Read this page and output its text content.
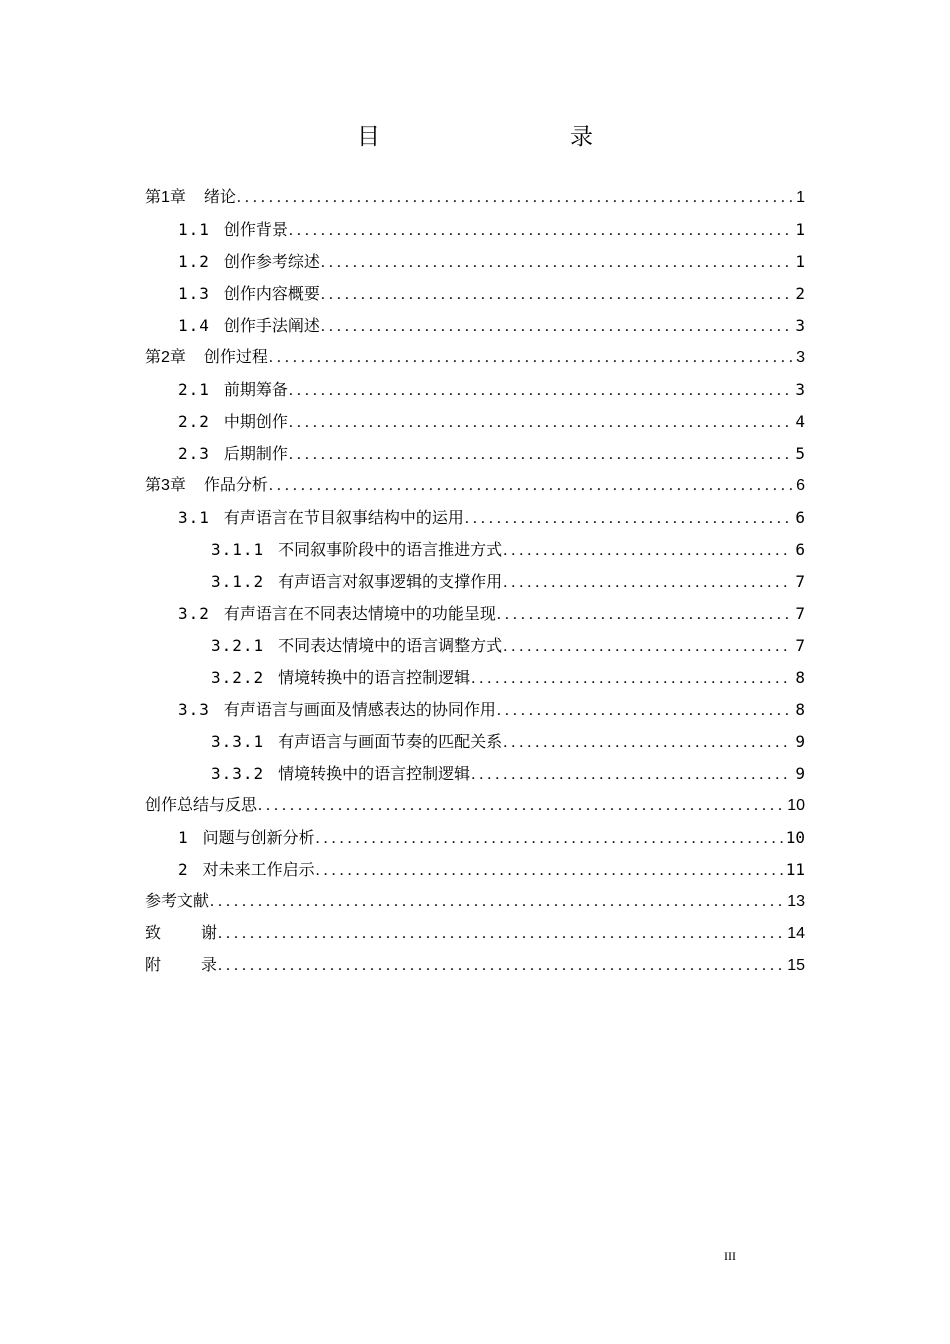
目　　录
第1章 绪论 . . .	1
1.1 创作背景 . . .	1
1.2 创作参考综述 . . .	1
1.3 创作内容概要 . . .	2
1.4 创作手法阐述 . . .	3
第2章 创作过程 . . .	3
2.1 前期筹备 . . .	3
2.2 中期创作 . . .	4
2.3 后期制作 . . .	5
第3章 作品分析 . . .	6
3.1 有声语言在节目叙事结构中的运用 . . .	6
3.1.1 不同叙事阶段中的语言推进方式 . . .	6
3.1.2 有声语言对叙事逻辑的支撑作用 . . .	7
3.2 有声语言在不同表达情境中的功能呈现 . . .	7
3.2.1 不同表达情境中的语言调整方式 . . .	7
3.2.2 情境转换中的语言控制逻辑 . . .	8
3.3 有声语言与画面及情感表达的协同作用 . . .	8
3.3.1 有声语言与画面节奏的匹配关系 . . .	9
3.3.2 情境转换中的语言控制逻辑 . . .	9
创作总结与反思 . . .	10
1 问题与创新分析 . . .	10
2 对未来工作启示 . . .	11
参考文献 . . .	13
致谢 . . .	14
附录 . . .	15
III
